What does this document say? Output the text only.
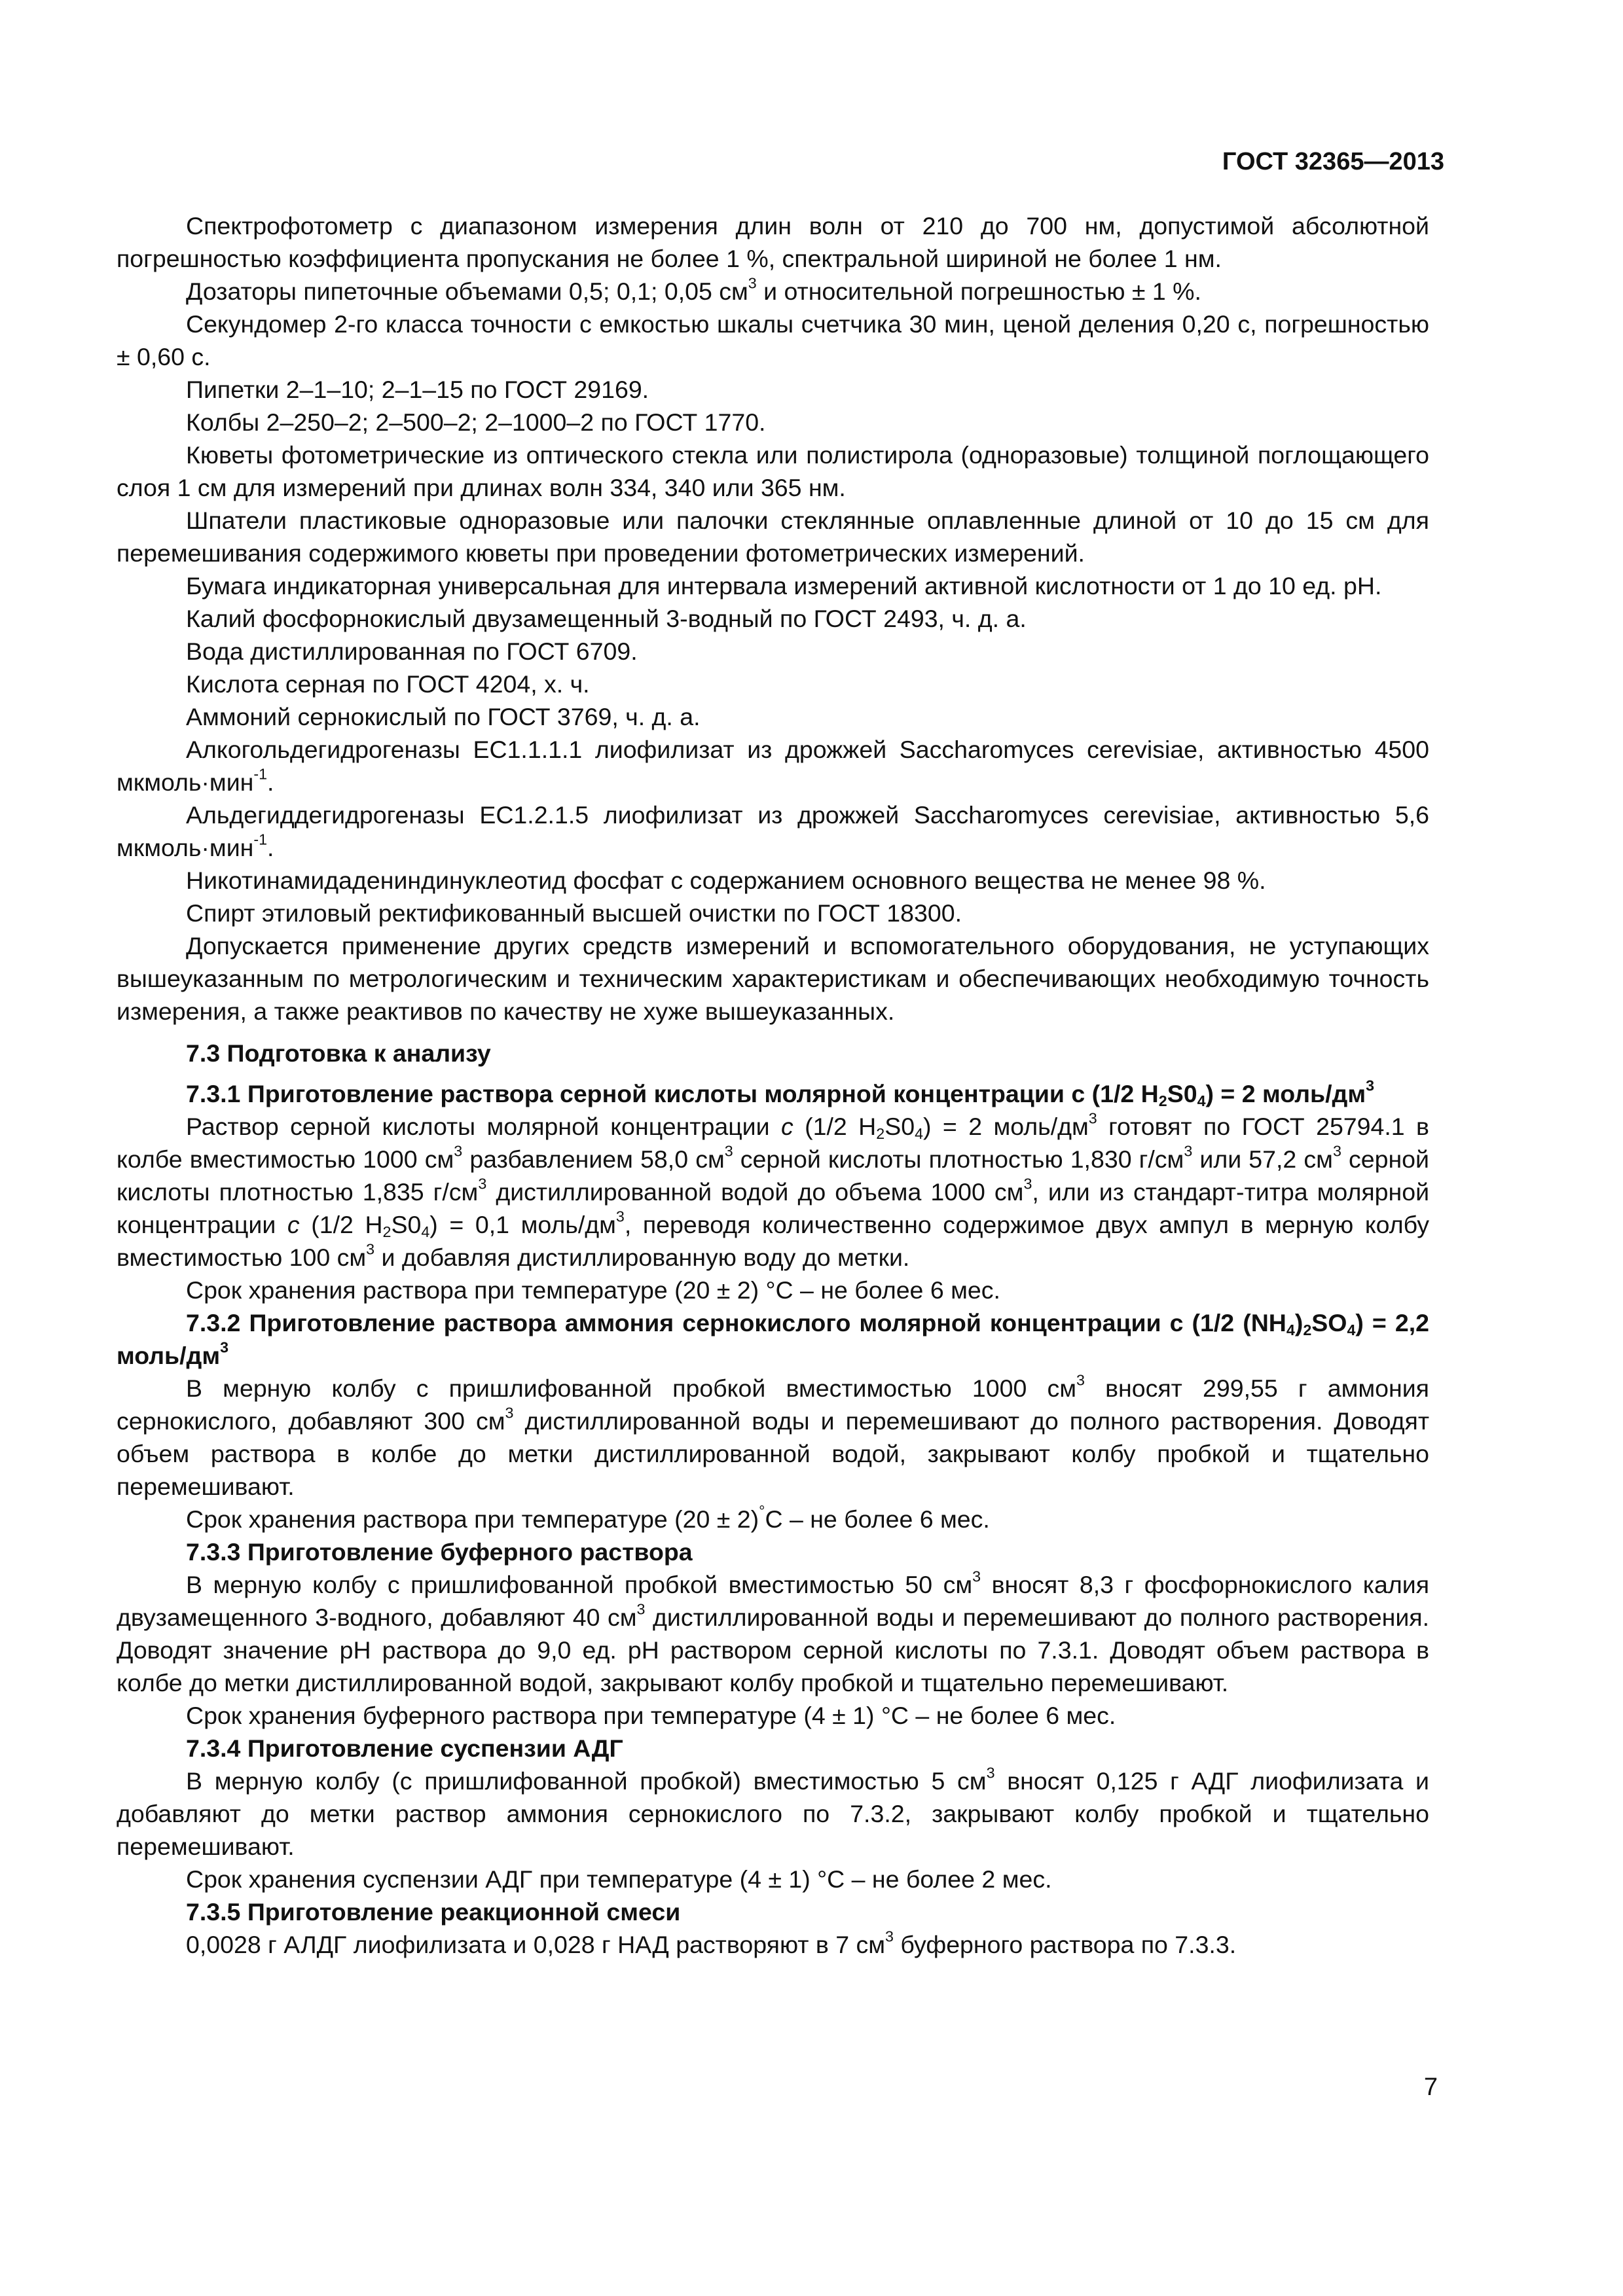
ГОСТ 32365—2013

Спектрофотометр с диапазоном измерения длин волн от 210 до 700 нм, допустимой абсолютной погрешностью коэффициента пропускания не более 1 %, спектральной шириной не более 1 нм.

Дозаторы пипеточные объемами 0,5; 0,1; 0,05 $см^3$ и относительной погрешностью ± 1 %.

Секундомер 2-го класса точности с емкостью шкалы счетчика 30 мин, ценой деления 0,20 с, погрешностью ± 0,60 с.

Пипетки 2–1–10; 2–1–15 по ГОСТ 29169.

Колбы 2–250–2; 2–500–2; 2–1000–2 по ГОСТ 1770.

Кюветы фотометрические из оптического стекла или полистирола (одноразовые) толщиной поглощающего слоя 1 см для измерений при длинах волн 334, 340 или 365 нм.

Шпатели пластиковые одноразовые или палочки стеклянные оплавленные длиной от 10 до 15 см для перемешивания содержимого кюветы при проведении фотометрических измерений.

Бумага индикаторная универсальная для интервала измерений активной кислотности от 1 до 10 ед. pH.

Калий фосфорнокислый двузамещенный 3-водный по ГОСТ 2493, ч. д. а.

Вода дистиллированная по ГОСТ 6709.

Кислота серная по ГОСТ 4204, х. ч.

Аммоний сернокислый по ГОСТ 3769, ч. д. а.

Алкогольдегидрогеназы ЕС1.1.1.1 лиофилизат из дрожжей Saccharomyces cerevisiae, активностью 4500 мкмоль·мин$^{-1}$.

Альдегиддегидрогеназы ЕС1.2.1.5 лиофилизат из дрожжей Saccharomyces cerevisiae, активностью 5,6 мкмоль·мин$^{-1}$.

Никотинамидадениндинуклеотид фосфат с содержанием основного вещества не менее 98 %.

Спирт этиловый ректификованный высшей очистки по ГОСТ 18300.

Допускается применение других средств измерений и вспомогательного оборудования, не уступающих вышеуказанным по метрологическим и техническим характеристикам и обеспечивающих необходимую точность измерения, а также реактивов по качеству не хуже вышеуказанных.

7.3 Подготовка к анализу

7.3.1 Приготовление раствора серной кислоты молярной концентрации с (1/2 $H_2S0_4) = 2$ моль/$дм^3$

Раствор серной кислоты молярной концентрации с (1/2 $H_2S0_4) = 2$ моль/$дм^3$ готовят по ГОСТ 25794.1 в колбе вместимостью 1000 $см^3$ разбавлением 58,0 $см^3$ серной кислоты плотностью 1,830 $г/см^3$ или 57,2 $см^3$ серной кислоты плотностью 1,835 $г/см^3$ дистиллированной водой до объема 1000 $см^3$, или из стандарт-титра молярной концентрации с (1/2 $H_2S0_4) = 0,1$ моль/$дм^3$, переводя количественно содержимое двух ампул в мерную колбу вместимостью 100 $см^3$ и добавляя дистиллированную воду до метки.

Срок хранения раствора при температуре (20 ± 2) °С – не более 6 мес.

7.3.2 Приготовление раствора аммония сернокислого молярной концентрации с (1/2 $(NH_4)_2SO_4) = 2,2$ моль/$дм^3$

В мерную колбу с пришлифованной пробкой вместимостью 1000 $см^3$ вносят 299,55 г аммония сернокислого, добавляют 300 $см^3$ дистиллированной воды и перемешивают до полного растворения. Доводят объем раствора в колбе до метки дистиллированной водой, закрывают колбу пробкой и тщательно перемешивают.

Срок хранения раствора при температуре (20 ± 2)°С – не более 6 мес.

7.3.3 Приготовление буферного раствора

В мерную колбу с пришлифованной пробкой вместимостью 50 $см^3$ вносят 8,3 г фосфорнокислого калия двузамещенного 3-водного, добавляют 40 $см^3$ дистиллированной воды и перемешивают до полного растворения. Доводят значение pH раствора до 9,0 ед. pH раствором серной кислоты по 7.3.1. Доводят объем раствора в колбе до метки дистиллированной водой, закрывают колбу пробкой и тщательно перемешивают.

Срок хранения буферного раствора при температуре (4 ± 1) °С – не более 6 мес.

7.3.4 Приготовление суспензии АДГ

В мерную колбу (с пришлифованной пробкой) вместимостью 5 $см^3$ вносят 0,125 г АДГ лиофилизата и добавляют до метки раствор аммония сернокислого по 7.3.2, закрывают колбу пробкой и тщательно перемешивают.

Срок хранения суспензии АДГ при температуре (4 ± 1) °С – не более 2 мес.

7.3.5 Приготовление реакционной смеси

0,0028 г АЛДГ лиофилизата и 0,028 г НАД растворяют в 7 $см^3$ буферного раствора по 7.3.3.

7
